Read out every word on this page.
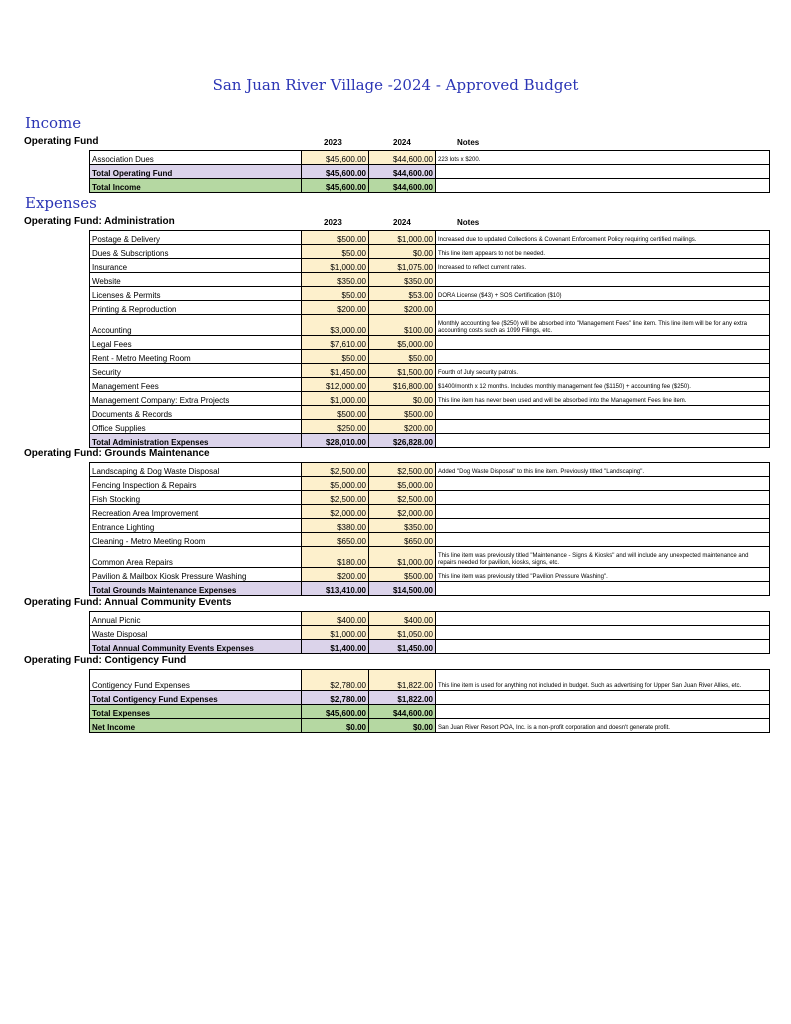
San Juan River Village -2024 - Approved Budget
Income
Operating Fund	2023	2024	Notes
Association Dues	$45,600.00	$44,600.00	223 lots x $200.
Total Operating Fund	$45,600.00	$44,600.00	
Total Income	$45,600.00	$44,600.00	
Expenses
Operating Fund: Administration	2023	2024	Notes
Postage & Delivery	$500.00	$1,000.00	Increased due to updated Collections & Covenant Enforcement Policy requiring certified mailings.
Dues & Subscriptions	$50.00	$0.00	This line item appears to not be needed.
Insurance	$1,000.00	$1,075.00	Increased to reflect current rates.
Website	$350.00	$350.00	
Licenses & Permits	$50.00	$53.00	DORA License ($43) + SOS Certification ($10)
Printing & Reproduction	$200.00	$200.00	
Accounting	$3,000.00	$100.00	Monthly accounting fee ($250) will be absorbed into "Management Fees" line item. This line item will be for any extra accounting costs such as 1099 Filings, etc.
Legal Fees	$7,610.00	$5,000.00	
Rent - Metro Meeting Room	$50.00	$50.00	
Security	$1,450.00	$1,500.00	Fourth of July security patrols.
Management Fees	$12,000.00	$16,800.00	$1400/month x 12 months. Includes monthly management fee ($1150) + accounting fee ($250).
Management Company: Extra Projects	$1,000.00	$0.00	This line item has never been used and will be absorbed into the Management Fees line item.
Documents & Records	$500.00	$500.00	
Office Supplies	$250.00	$200.00	
Total Administration Expenses	$28,010.00	$26,828.00	
Operating Fund: Grounds Maintenance
Landscaping & Dog Waste Disposal	$2,500.00	$2,500.00	Added "Dog Waste Disposal" to this line item. Previously titled "Landscaping".
Fencing Inspection & Repairs	$5,000.00	$5,000.00	
Fish Stocking	$2,500.00	$2,500.00	
Recreation Area Improvement	$2,000.00	$2,000.00	
Entrance Lighting	$380.00	$350.00	
Cleaning - Metro Meeting Room	$650.00	$650.00	
Common Area Repairs	$180.00	$1,000.00	This line item was previously titled "Maintenance - Signs & Kiosks" and will include any unexpected maintenance and repairs needed for pavilion, kiosks, signs, etc.
Pavilion & Mailbox Kiosk Pressure Washing	$200.00	$500.00	This line item was previously titled "Pavilion Pressure Washing".
Total Grounds Maintenance Expenses	$13,410.00	$14,500.00	
Operating Fund: Annual Community Events
Annual Picnic	$400.00	$400.00	
Waste Disposal	$1,000.00	$1,050.00	
Total Annual Community Events Expenses	$1,400.00	$1,450.00	
Operating Fund: Contigency Fund
Contigency Fund Expenses	$2,780.00	$1,822.00	This line item is used for anything not included in budget. Such as advertising for Upper San Juan River Allies, etc.
Total Contigency Fund Expenses	$2,780.00	$1,822.00	
Total Expenses	$45,600.00	$44,600.00	
Net Income	$0.00	$0.00	San Juan River Resort POA, Inc. is a non-profit corporation and doesn't generate profit.
